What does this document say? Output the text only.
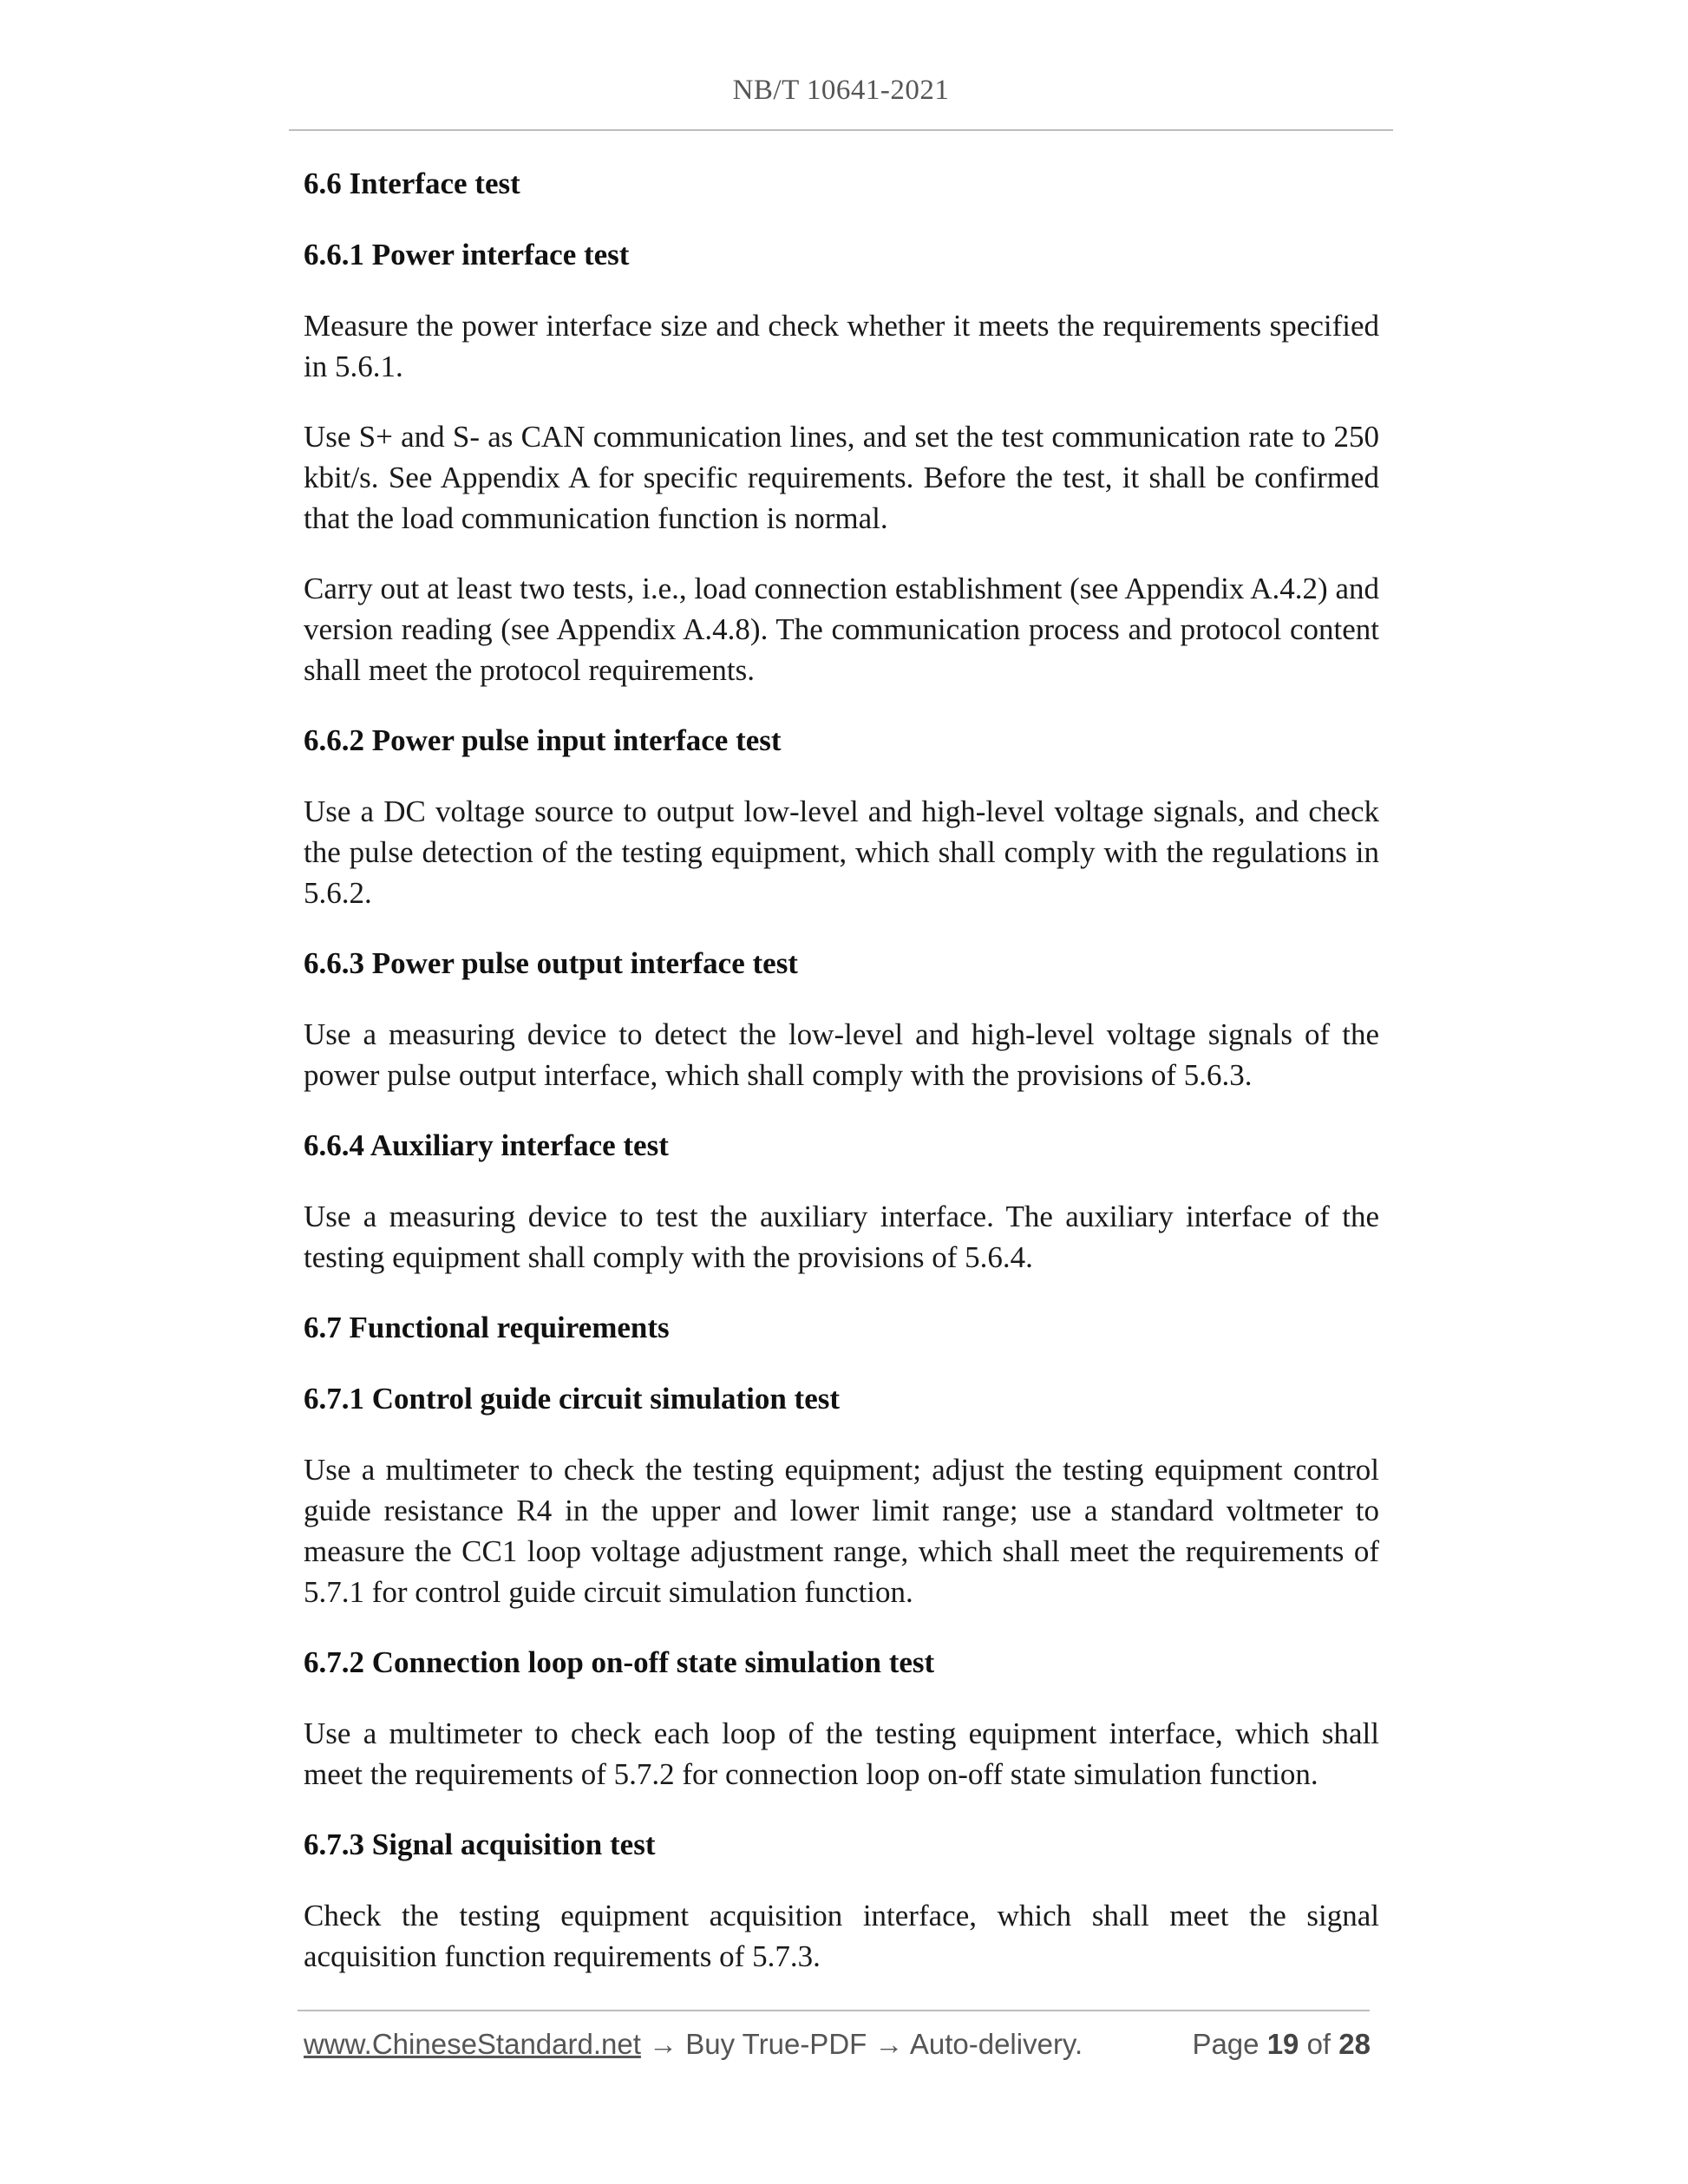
NB/T 10641-2021
6.6 Interface test
6.6.1 Power interface test

Measure the power interface size and check whether it meets the requirements specified in 5.6.1.

Use S+ and S- as CAN communication lines, and set the test communication rate to 250 kbit/s. See Appendix A for specific requirements. Before the test, it shall be confirmed that the load communication function is normal.

Carry out at least two tests, i.e., load connection establishment (see Appendix A.4.2) and version reading (see Appendix A.4.8). The communication process and protocol content shall meet the protocol requirements.

6.6.2 Power pulse input interface test

Use a DC voltage source to output low-level and high-level voltage signals, and check the pulse detection of the testing equipment, which shall comply with the regulations in 5.6.2.

6.6.3 Power pulse output interface test

Use a measuring device to detect the low-level and high-level voltage signals of the power pulse output interface, which shall comply with the provisions of 5.6.3.

6.6.4 Auxiliary interface test

Use a measuring device to test the auxiliary interface. The auxiliary interface of the testing equipment shall comply with the provisions of 5.6.4.

6.7 Functional requirements
6.7.1 Control guide circuit simulation test

Use a multimeter to check the testing equipment; adjust the testing equipment control guide resistance R4 in the upper and lower limit range; use a standard voltmeter to measure the CC1 loop voltage adjustment range, which shall meet the requirements of 5.7.1 for control guide circuit simulation function.

6.7.2 Connection loop on-off state simulation test

Use a multimeter to check each loop of the testing equipment interface, which shall meet the requirements of 5.7.2 for connection loop on-off state simulation function.

6.7.3 Signal acquisition test

Check the testing equipment acquisition interface, which shall meet the signal acquisition function requirements of 5.7.3.

www.ChineseStandard.net → Buy True-PDF → Auto-delivery.	Page 19 of 28
